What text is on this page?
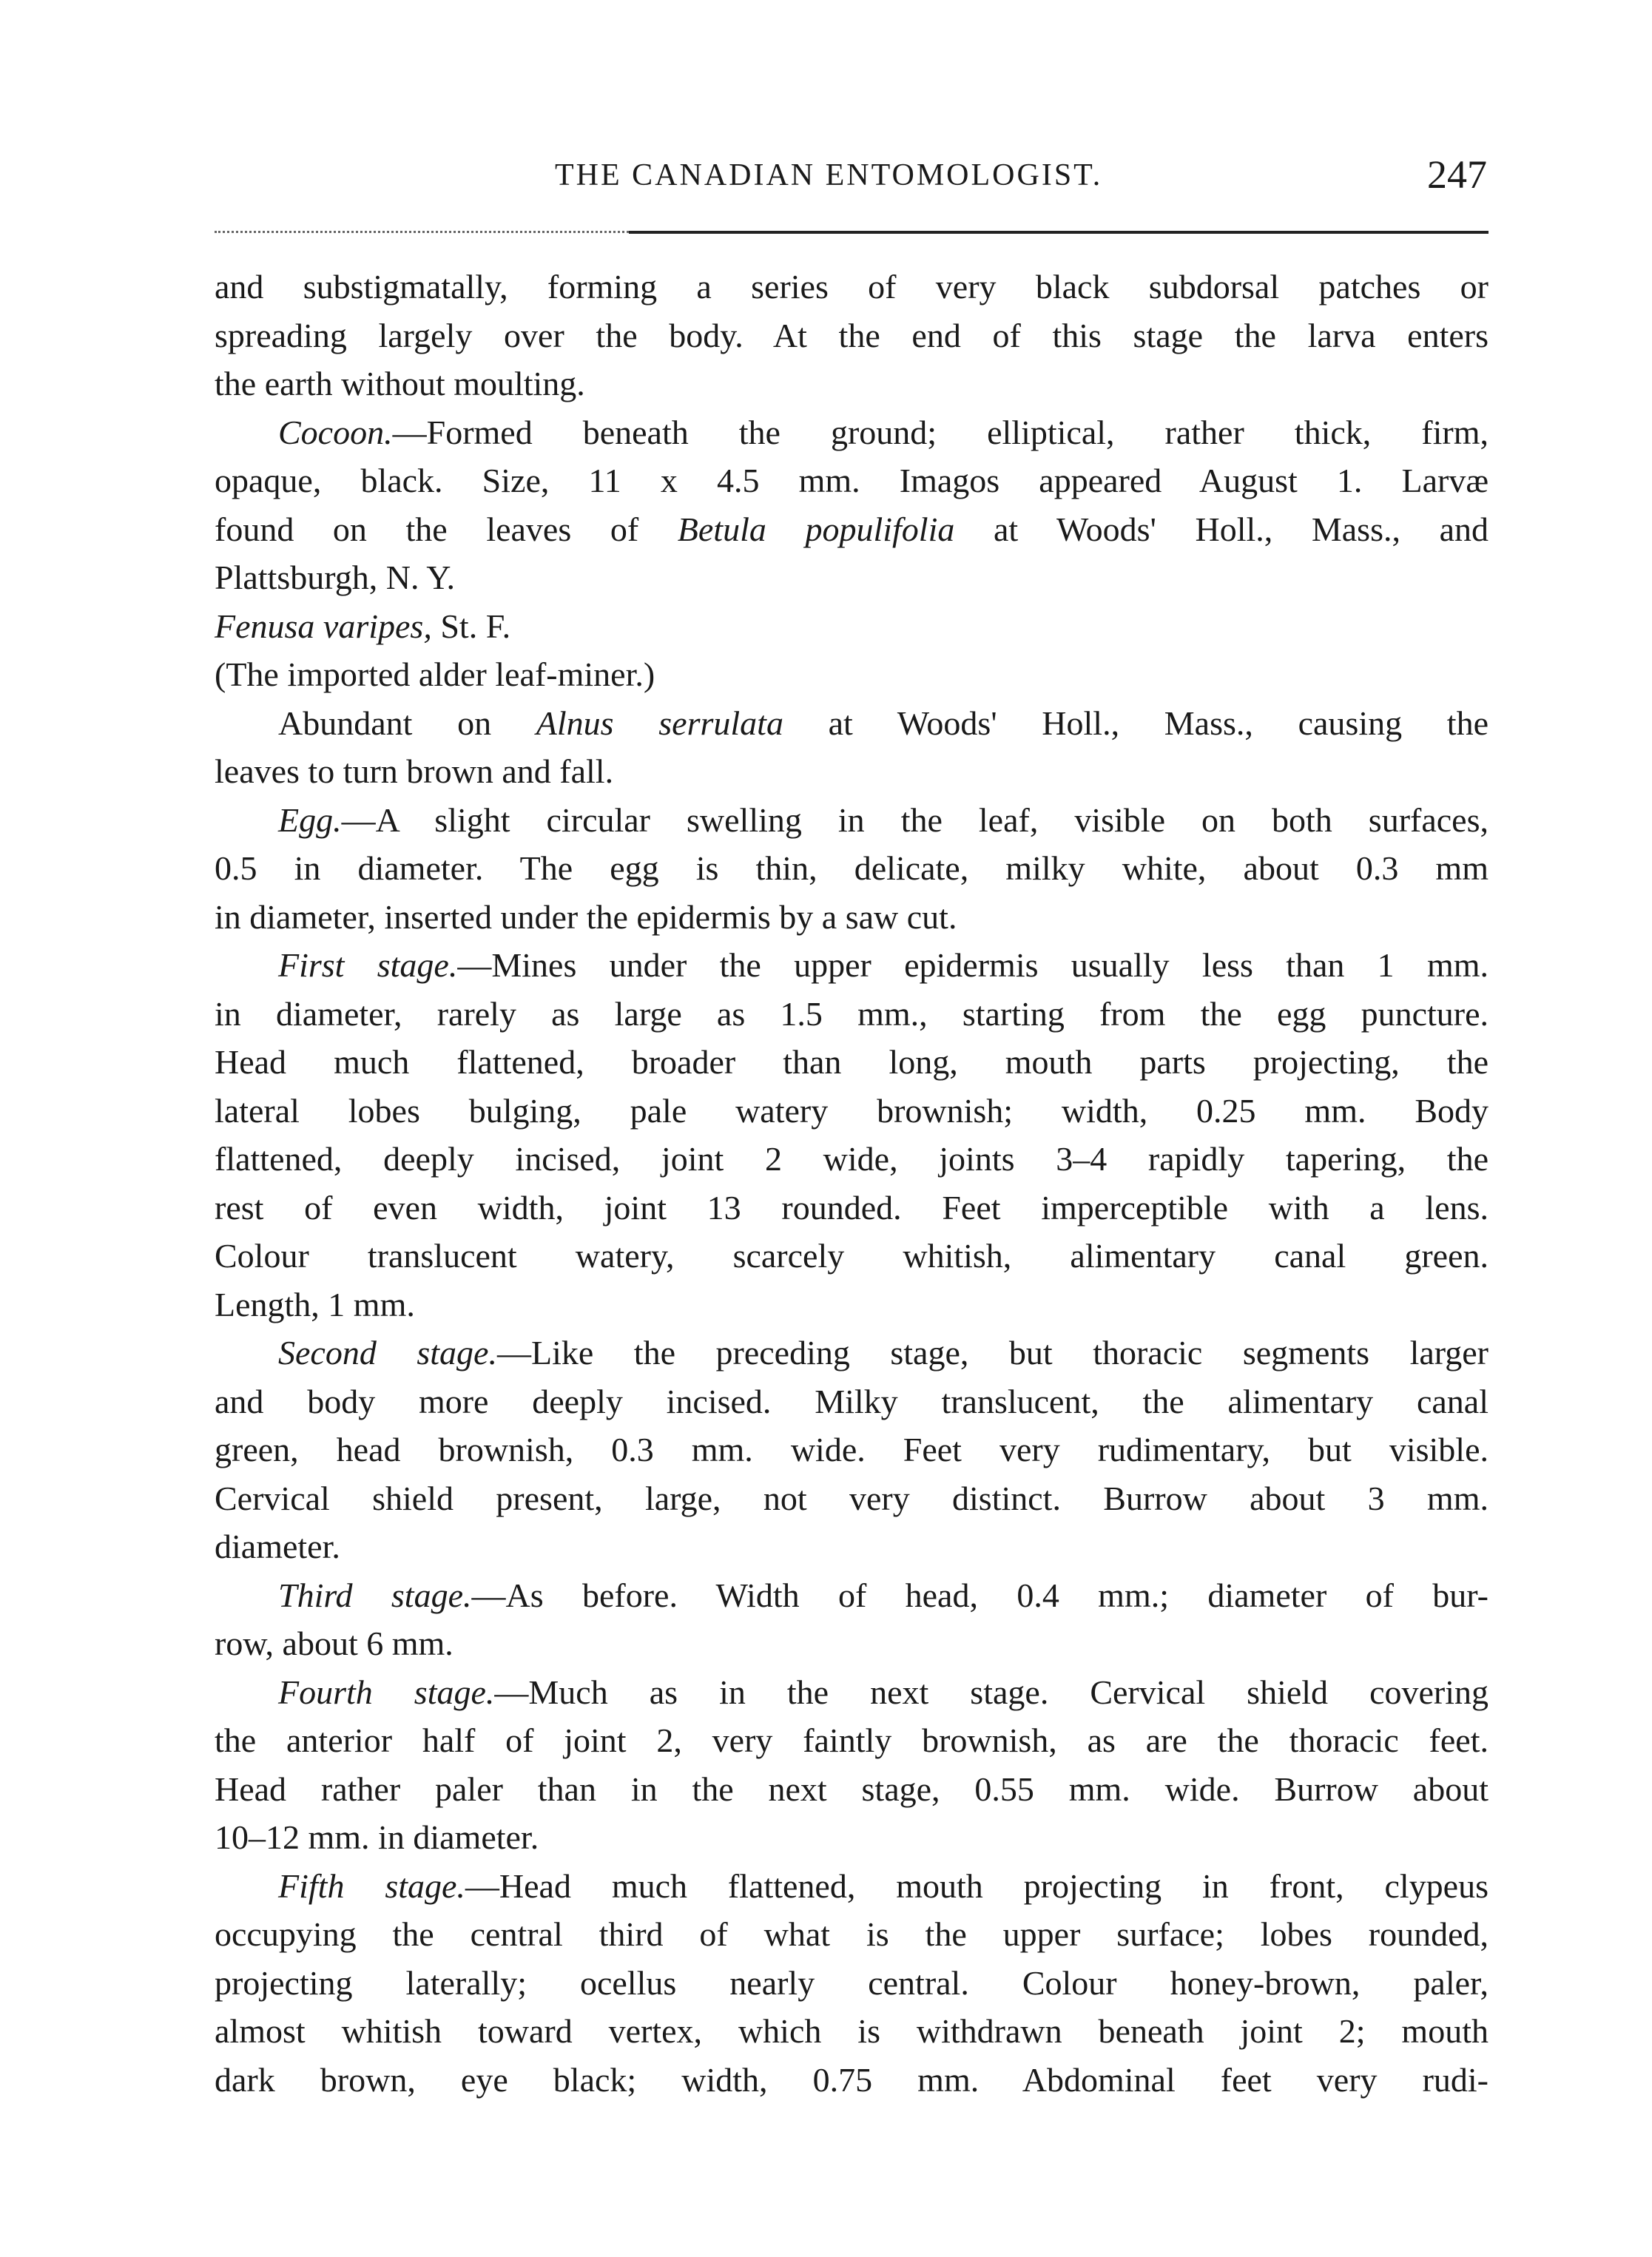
THE CANADIAN ENTOMOLOGIST.	247
and substigmatally, forming a series of very black subdorsal patches or
spreading largely over the body. At the end of this stage the larva enters
the earth without moulting.
Cocoon.—Formed beneath the ground; elliptical, rather thick, firm,
opaque, black. Size, 11 x 4.5 mm. Imagos appeared August 1. Larvæ
found on the leaves of Betula populifolia at Woods' Holl., Mass., and
Plattsburgh, N. Y.
Fenusa varipes, St. F.
(The imported alder leaf-miner.)
Abundant on Alnus serrulata at Woods' Holl., Mass., causing the
leaves to turn brown and fall.
Egg.—A slight circular swelling in the leaf, visible on both surfaces,
0.5 in diameter. The egg is thin, delicate, milky white, about 0.3 mm
in diameter, inserted under the epidermis by a saw cut.
First stage.—Mines under the upper epidermis usually less than 1 mm.
in diameter, rarely as large as 1.5 mm., starting from the egg puncture.
Head much flattened, broader than long, mouth parts projecting, the
lateral lobes bulging, pale watery brownish; width, 0.25 mm. Body
flattened, deeply incised, joint 2 wide, joints 3–4 rapidly tapering, the
rest of even width, joint 13 rounded. Feet imperceptible with a lens.
Colour translucent watery, scarcely whitish, alimentary canal green.
Length, 1 mm.
Second stage.—Like the preceding stage, but thoracic segments larger
and body more deeply incised. Milky translucent, the alimentary canal
green, head brownish, 0.3 mm. wide. Feet very rudimentary, but visible.
Cervical shield present, large, not very distinct. Burrow about 3 mm.
diameter.
Third stage.—As before. Width of head, 0.4 mm.; diameter of bur-
row, about 6 mm.
Fourth stage.—Much as in the next stage. Cervical shield covering
the anterior half of joint 2, very faintly brownish, as are the thoracic feet.
Head rather paler than in the next stage, 0.55 mm. wide. Burrow about
10–12 mm. in diameter.
Fifth stage.—Head much flattened, mouth projecting in front, clypeus
occupying the central third of what is the upper surface; lobes rounded,
projecting laterally; ocellus nearly central. Colour honey-brown, paler,
almost whitish toward vertex, which is withdrawn beneath joint 2; mouth
dark brown, eye black; width, 0.75 mm. Abdominal feet very rudi-
